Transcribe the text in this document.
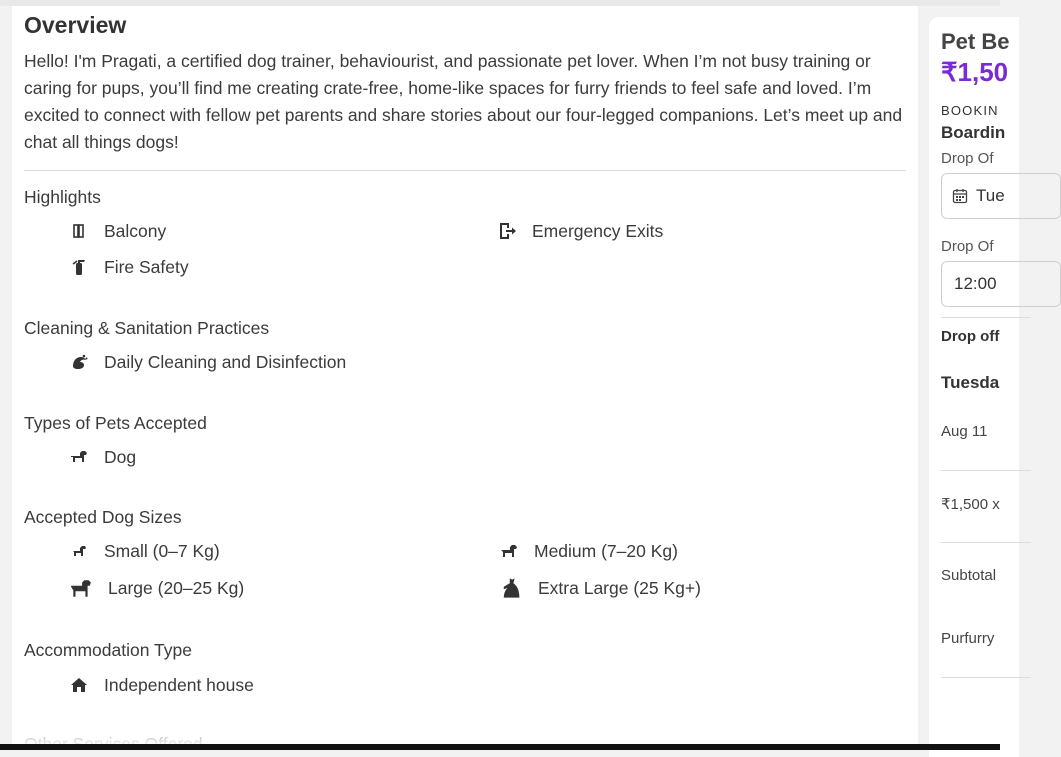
Overview

Hello! I'm Pragati, a certified dog trainer, behaviourist, and passionate pet lover. When I’m not busy training or caring for pups, you’ll find me creating crate-free, home-like spaces for furry friends to feel safe and loved. I’m excited to connect with fellow pet parents and share stories about our four-legged companions. Let’s meet up and chat all things dogs!

Highlights
Balcony	Emergency Exits
Fire Safety
Cleaning & Sanitation Practices
Daily Cleaning and Disinfection
Types of Pets Accepted
Dog
Accepted Dog Sizes
Small (0–7 Kg)	Medium (7–20 Kg)
Large (20–25 Kg)	Extra Large (25 Kg+)
Accommodation Type
Independent house
Pet Be
₹1,50
BOOKIN
Boardin
Drop Of
Tue
Drop Of
12:00
Drop off
Tuesda
Aug 11
₹1,500 x
Subtotal
Purfurry
